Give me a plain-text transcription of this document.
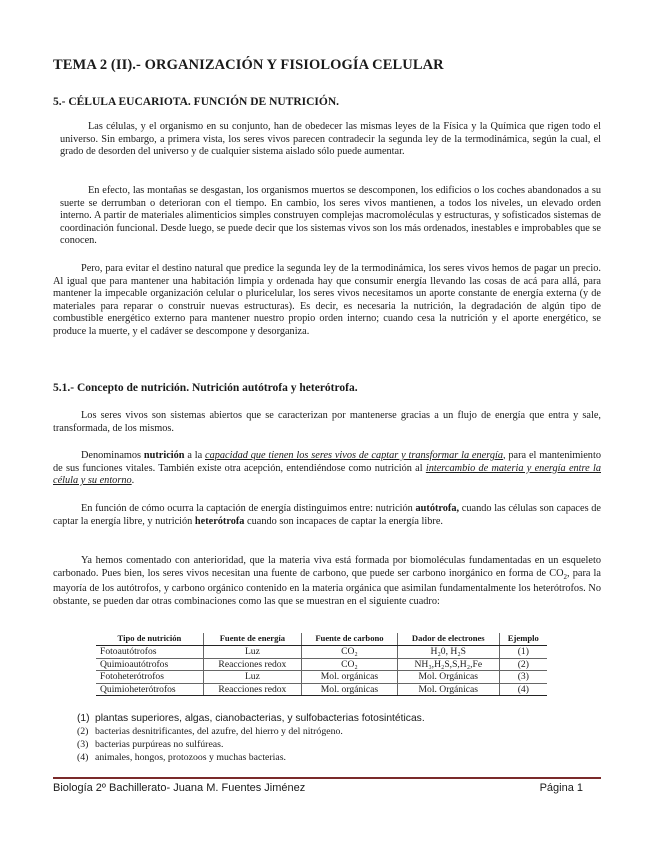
TEMA 2 (II).- ORGANIZACIÓN Y FISIOLOGÍA CELULAR
5.- CÉLULA EUCARIOTA. FUNCIÓN DE NUTRICIÓN.

Las células, y el organismo en su conjunto, han de obedecer las mismas leyes de la Física y la Química que rigen todo el universo. Sin embargo, a primera vista, los seres vivos parecen contradecir la segunda ley de la termodinámica, según la cual, el grado de desorden del universo y de cualquier sistema aislado sólo puede aumentar.

En efecto, las montañas se desgastan, los organismos muertos se descomponen, los edificios o los coches abandonados a su suerte se derrumban o deterioran con el tiempo. En cambio, los seres vivos mantienen, a todos los niveles, un elevado orden interno. A partir de materiales alimenticios simples construyen complejas macromoléculas y estructuras, y sofisticados sistemas de coordinación funcional. Desde luego, se puede decir que los sistemas vivos son los más ordenados, inestables e improbables que se conocen.

Pero, para evitar el destino natural que predice la segunda ley de la termodinámica, los seres vivos hemos de pagar un precio. Al igual que para mantener una habitación limpia y ordenada hay que consumir energía llevando las cosas de acá para allá, para mantener la impecable organización celular o pluricelular, los seres vivos necesitamos un aporte constante de energía externa (y de materiales para reparar o construir nuevas estructuras). Es decir, es necesaria la nutrición, la degradación de algún tipo de combustible energético externo para mantener nuestro propio orden interno; cuando cesa la nutrición y el aporte energético, se produce la muerte, y el cadáver se descompone y desorganiza.

5.1.- Concepto de nutrición. Nutrición autótrofa y heterótrofa.

Los seres vivos son sistemas abiertos que se caracterizan por mantenerse gracias a un flujo de energía que entra y sale, transformada, de los mismos.

Denominamos nutrición a la capacidad que tienen los seres vivos de captar y transformar la energía, para el mantenimiento de sus funciones vitales. También existe otra acepción, entendiéndose como nutrición al intercambio de materia y energía entre la célula y su entorno.

En función de cómo ocurra la captación de energía distinguimos entre: nutrición autótrofa, cuando las células son capaces de captar la energía libre, y nutrición heterótrofa cuando son incapaces de captar la energía libre.

Ya hemos comentado con anterioridad, que la materia viva está formada por biomoléculas fundamentadas en un esqueleto carbonado. Pues bien, los seres vivos necesitan una fuente de carbono, que puede ser carbono inorgánico en forma de $CO_2$, para la mayoría de los autótrofos, y carbono orgánico contenido en la materia orgánica que asimilan fundamentalmente los heterótrofos. No obstante, se pueden dar otras combinaciones como las que se muestran en el siguiente cuadro:

Tipo de nutrición	Fuente de energía	Fuente de carbono	Dador de electrones	Ejemplo
Fotoautótrofos	Luz	CO₂	H₂0, H₂S	(1)
Quimioautótrofos	Reacciones redox	CO₂	NH₃,H₂S,S,H₂,Fe	(2)
Fotoheterótrofos	Luz	Mol. orgánicas	Mol. Orgánicas	(3)
Quimioheterótrofos	Reacciones redox	Mol. orgánicas	Mol. Orgánicas	(4)
(1) plantas superiores, algas, cianobacterias, y sulfobacterias fotosintéticas.
(2) bacterias desnitrificantes, del azufre, del hierro y del nitrógeno.
(3) bacterias purpúreas no sulfúreas.
(4) animales, hongos, protozoos y muchas bacterias.
Biología 2º Bachillerato- Juana M. Fuentes Jiménez	Página 1
